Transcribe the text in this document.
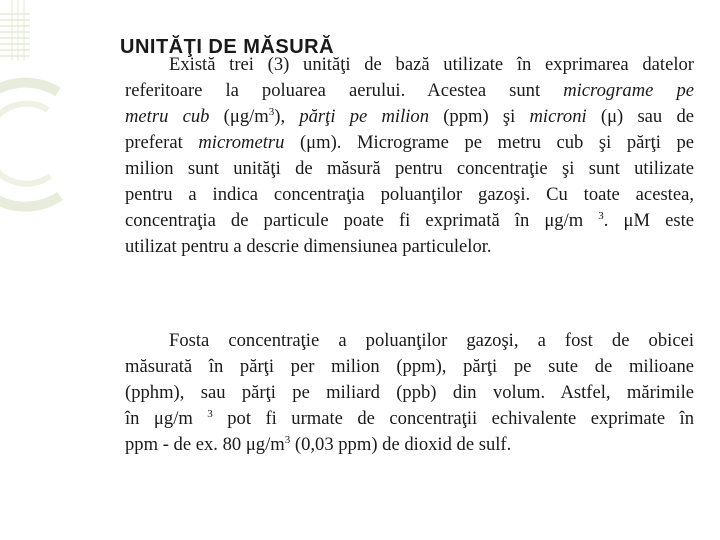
UNITĂŢI DE MĂSURĂ
Există trei (3) unităţi de bază utilizate în exprimarea datelor
referitoare la poluarea aerului. Acestea sunt micrograme pe
metru cub $(\mu g/m^3)$, părţi pe milion (ppm) şi microni (μ) sau de
preferat micrometru (μm). Micrograme pe metru cub şi părţi pe
milion sunt unităţi de măsură pentru concentraţie şi sunt utilizate
pentru a indica concentraţia poluanţilor gazoşi. Cu toate acestea,
concentraţia de particule poate fi exprimată în μg/m $^3$. μM este
utilizat pentru a descrie dimensiunea particulelor.
Fosta concentraţie a poluanţilor gazoşi, a fost de obicei
măsurată în părţi per milion (ppm), părţi pe sute de milioane
(pphm), sau părţi pe miliard (ppb) din volum. Astfel, mărimile
în μg/m $^3$ pot fi urmate de concentraţii echivalente exprimate în
ppm - de ex. 80 $\mu g/m^3$ (0,03 ppm) de dioxid de sulf.
